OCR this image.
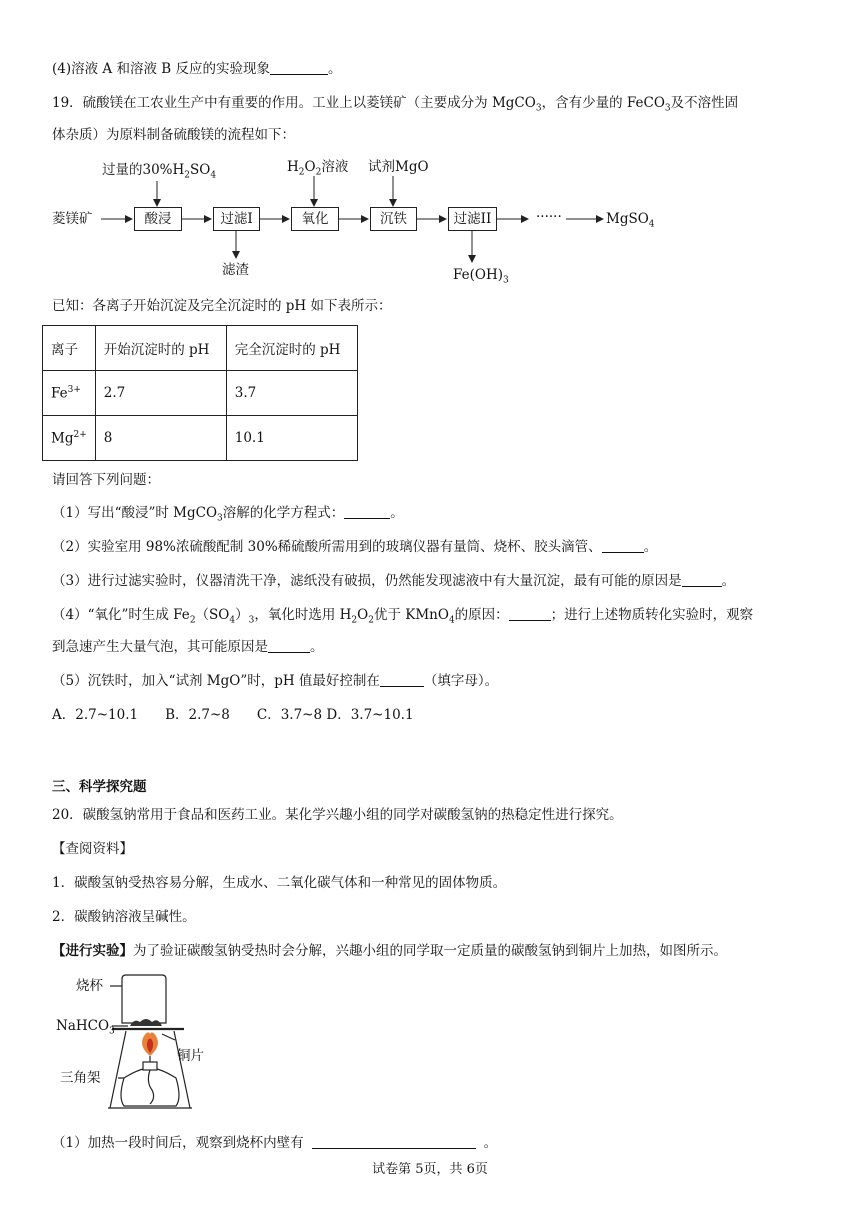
(4)溶液 A 和溶液 B 反应的实验现象	。
19．硫酸镁在工农业生产中有重要的作用。工业上以菱镁矿（主要成分为 MgCO$_3$，含有少量的 FeCO$_3$及不溶性固
体杂质）为原料制备硫酸镁的流程如下：
菱镁矿	酸浸	过滤I	氧化	沉铁	过滤II	······	MgSO$_4$
过量的$30\%H_2SO_4$
$H_2O_2$溶液 试剂MgO
滤渣	$Fe(OH)_3$
已知：各离子开始沉淀及完全沉淀时的 pH 如下表所示：
离子	开始沉淀时的 pH	完全沉淀时的 pH
$Fe^{3+}$	2.7	3.7
$Mg^{2+}$	8	10.1
请回答下列问题：
（1）写出“酸浸”时 MgCO$_3$溶解的化学方程式：	。
（2）实验室用 98%浓硫酸配制 30%稀硫酸所需用到的玻璃仪器有量筒、烧杯、胶头滴管、	。
（3）进行过滤实验时，仪器清洗干净，滤纸没有破损，仍然能发现滤液中有大量沉淀，最有可能的原因是	。
（4）“氧化”时生成 $Fe_2(SO_4)_3$，氧化时选用 $H_2O_2$优于 KMnO$_4$的原因：	；进行上述物质转化实验时，观察
到急速产生大量气泡，其可能原因是	。
（5）沉铁时，加入“试剂 MgO”时，pH 值最好控制在	（填字母）。
A．2.7~10.1　　B．2.7~8　　C．3.7~8 D．3.7~10.1
三、科学探究题
20．碳酸氢钠常用于食品和医药工业。某化学兴趣小组的同学对碳酸氢钠的热稳定性进行探究。
【查阅资料】
1．碳酸氢钠受热容易分解，生成水、二氧化碳气体和一种常见的固体物质。
2．碳酸钠溶液呈碱性。
【进行实验】为了验证碳酸氢钠受热时会分解，兴趣小组的同学取一定质量的碳酸氢钠到铜片上加热，如图所示。
烧杯
NaHCO$_3$
铜片
三角架
（1）加热一段时间后，观察到烧杯内壁有	。
试卷第 5页，共 6页
